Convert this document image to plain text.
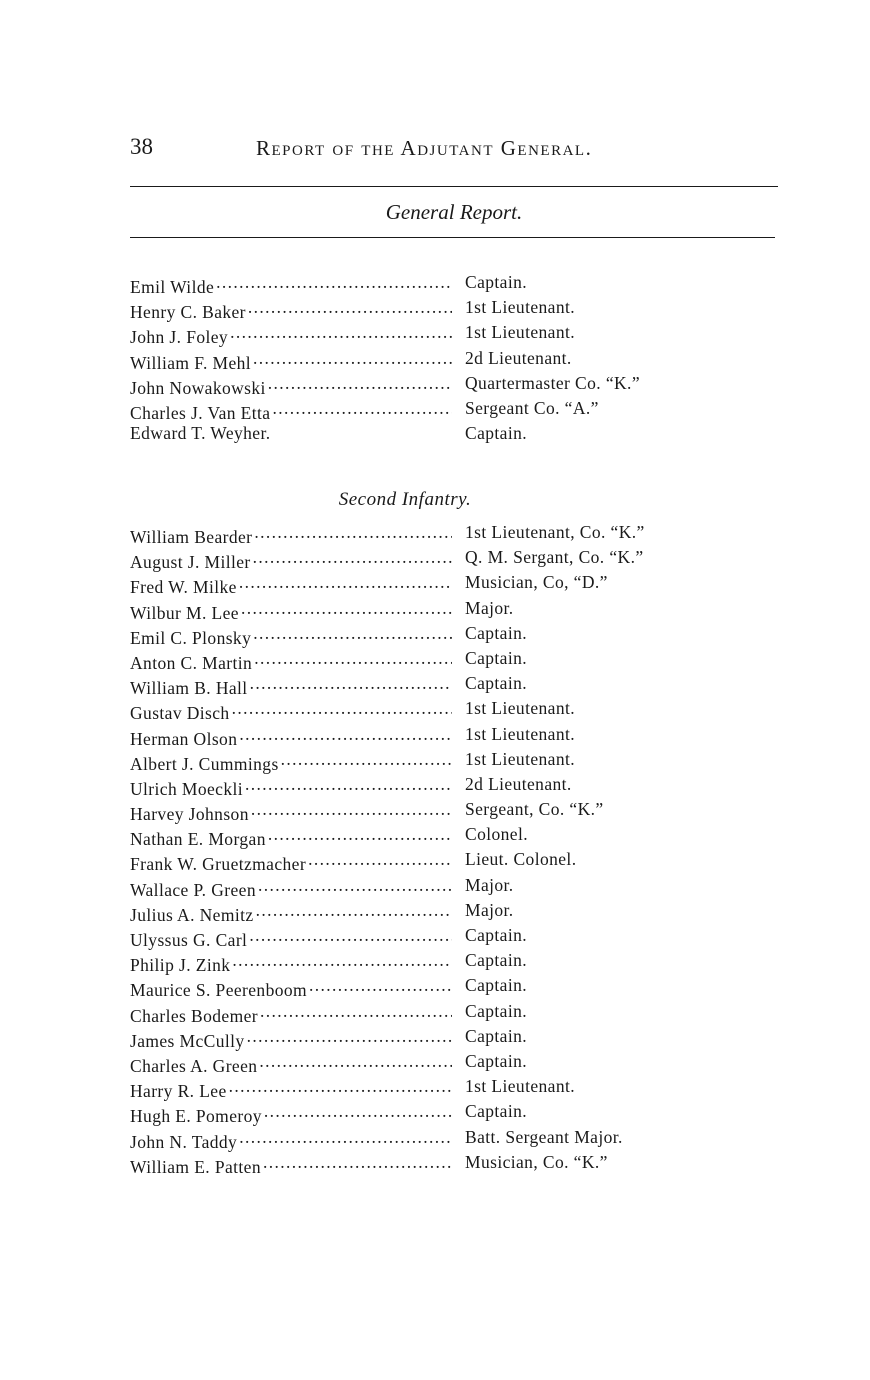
38	Report of the Adjutant General.
General Report.
Emil Wilde . . .	Captain.
Henry C. Baker . . .	1st Lieutenant.
John J. Foley . . .	1st Lieutenant.
William F. Mehl . . .	2d Lieutenant.
John Nowakowski . . .	Quartermaster Co. “K.”
Charles J. Van Etta . . .	Sergeant Co. “A.”
Edward T. Weyher.	Captain.
Second Infantry.
William Bearder . . .	1st Lieutenant, Co. “K.”
August J. Miller . . .	Q. M. Sergant, Co. “K.”
Fred W. Milke . . .	Musician, Co, “D.”
Wilbur M. Lee . . .	Major.
Emil C. Plonsky . . .	Captain.
Anton C. Martin . . .	Captain.
William B. Hall . . .	Captain.
Gustav Disch . . .	1st Lieutenant.
Herman Olson . . .	1st Lieutenant.
Albert J. Cummings . . .	1st Lieutenant.
Ulrich Moeckli . . .	2d Lieutenant.
Harvey Johnson . . .	Sergeant, Co. “K.”
Nathan E. Morgan . . .	Colonel.
Frank W. Gruetzmacher . . .	Lieut. Colonel.
Wallace P. Green . . .	Major.
Julius A. Nemitz . . .	Major.
Ulyssus G. Carl . . .	Captain.
Philip J. Zink . . .	Captain.
Maurice S. Peerenboom . . .	Captain.
Charles Bodemer . . .	Captain.
James McCully . . .	Captain.
Charles A. Green . . .	Captain.
Harry R. Lee . . .	1st Lieutenant.
Hugh E. Pomeroy . . .	Captain.
John N. Taddy . . .	Batt. Sergeant Major.
William E. Patten . . .	Musician, Co. “K.”
